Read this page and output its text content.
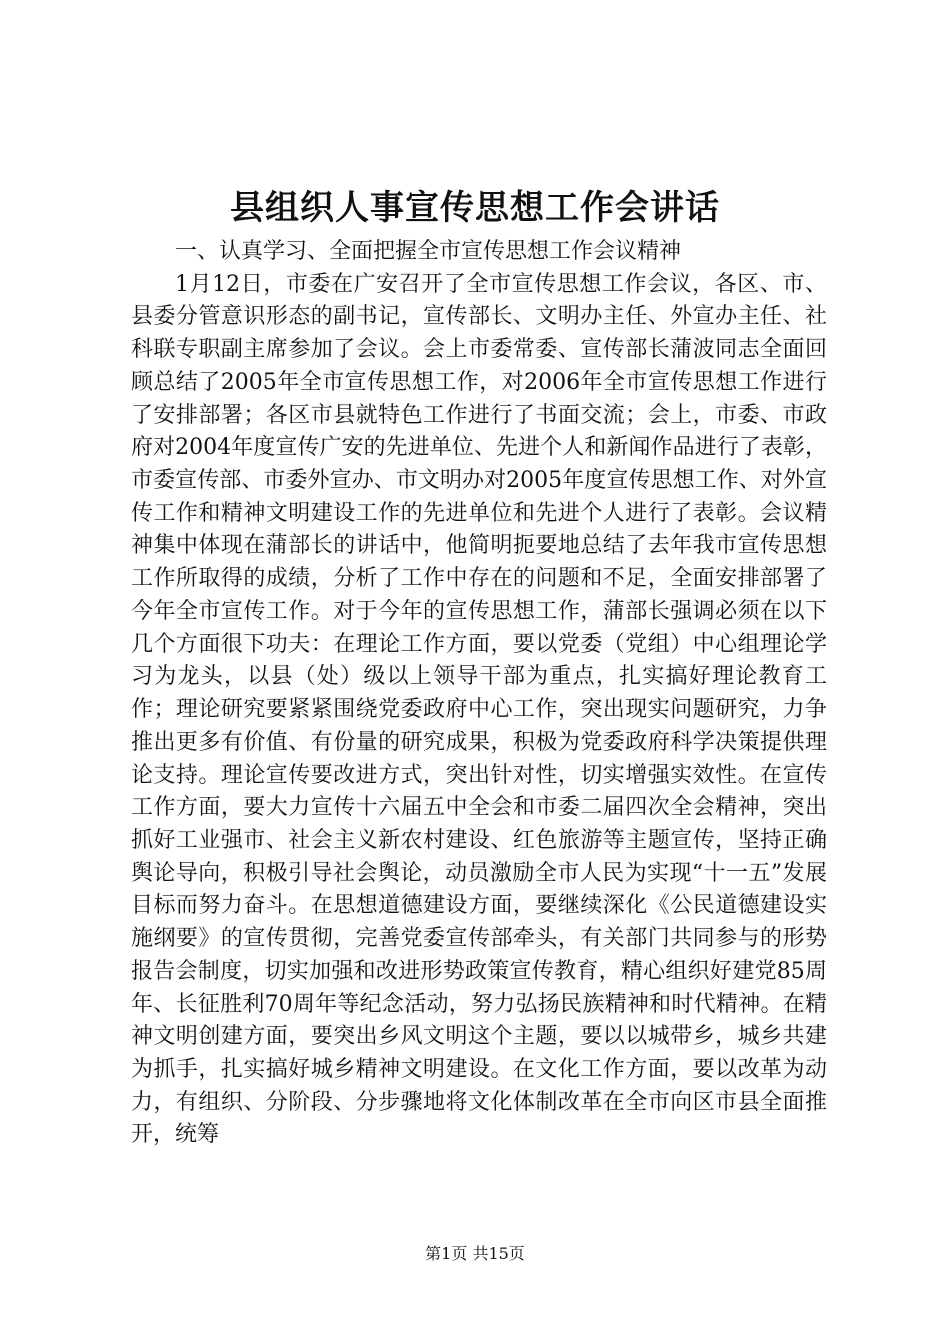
县组织人事宣传思想工作会讲话

一、认真学习、全面把握全市宣传思想工作会议精神

1月12日，市委在广安召开了全市宣传思想工作会议，各区、市、县委分管意识形态的副书记，宣传部长、文明办主任、外宣办主任、社科联专职副主席参加了会议。会上市委常委、宣传部长蒲波同志全面回顾总结了2005年全市宣传思想工作，对2006年全市宣传思想工作进行了安排部署；各区市县就特色工作进行了书面交流；会上，市委、市政府对2004年度宣传广安的先进单位、先进个人和新闻作品进行了表彰，市委宣传部、市委外宣办、市文明办对2005年度宣传思想工作、对外宣传工作和精神文明建设工作的先进单位和先进个人进行了表彰。会议精神集中体现在蒲部长的讲话中，他简明扼要地总结了去年我市宣传思想工作所取得的成绩，分析了工作中存在的问题和不足，全面安排部署了今年全市宣传工作。对于今年的宣传思想工作，蒲部长强调必须在以下几个方面很下功夫：在理论工作方面，要以党委（党组）中心组理论学习为龙头，以县（处）级以上领导干部为重点，扎实搞好理论教育工作；理论研究要紧紧围绕党委政府中心工作，突出现实问题研究，力争推出更多有价值、有份量的研究成果，积极为党委政府科学决策提供理论支持。理论宣传要改进方式，突出针对性，切实增强实效性。在宣传工作方面，要大力宣传十六届五中全会和市委二届四次全会精神，突出抓好工业强市、社会主义新农村建设、红色旅游等主题宣传，坚持正确舆论导向，积极引导社会舆论，动员激励全市人民为实现“十一五”发展目标而努力奋斗。在思想道德建设方面，要继续深化《公民道德建设实施纲要》的宣传贯彻，完善党委宣传部牵头，有关部门共同参与的形势报告会制度，切实加强和改进形势政策宣传教育，精心组织好建党85周年、长征胜利70周年等纪念活动，努力弘扬民族精神和时代精神。在精神文明创建方面，要突出乡风文明这个主题，要以以城带乡，城乡共建为抓手，扎实搞好城乡精神文明建设。在文化工作方面，要以改革为动力，有组织、分阶段、分步骤地将文化体制改革在全市向区市县全面推开，统筹

第1页 共15页
